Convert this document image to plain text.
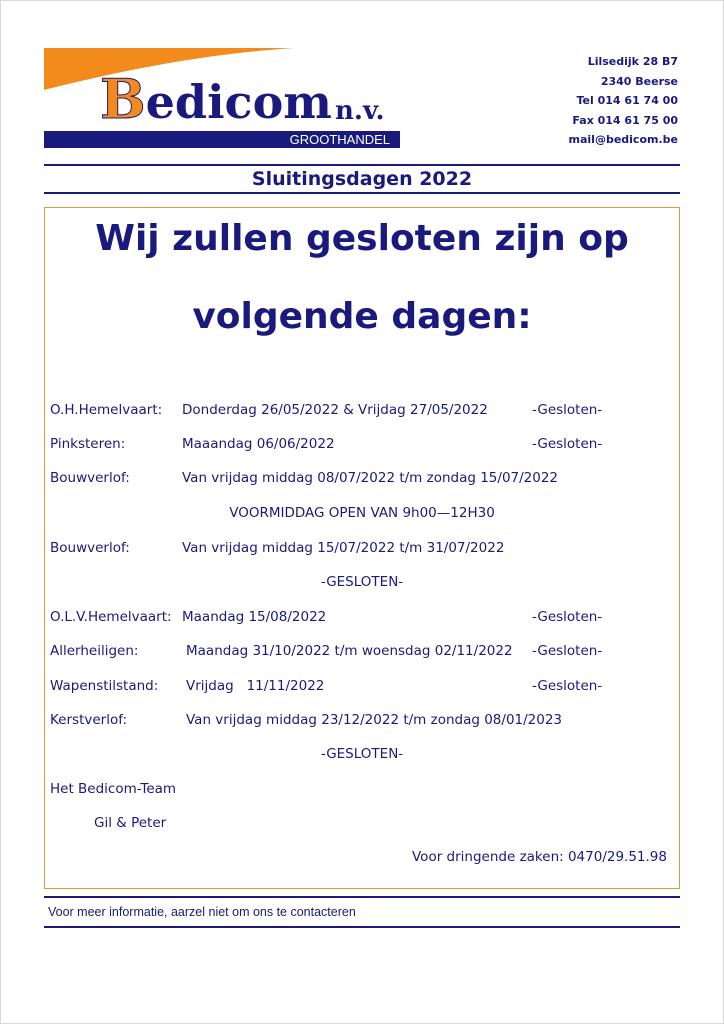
Bedicom n.v.
GROOTHANDEL
Lilsedijk 28 B7
2340 Beerse
Tel 014 61 74 00
Fax 014 61 75 00
mail@bedicom.be
Sluitingsdagen 2022
Wij zullen gesloten zijn op
volgende dagen:
O.H.Hemelvaart: Donderdag 26/05/2022 & Vrijdag 27/05/2022	-Gesloten-
Pinksteren:	Maaandag 06/06/2022	-Gesloten-
Bouwverlof:	Van vrijdag middag 08/07/2022 t/m zondag 15/07/2022
VOORMIDDAG OPEN VAN 9h00—12H30
Bouwverlof:	Van vrijdag middag 15/07/2022 t/m 31/07/2022
-GESLOTEN-
O.L.V.Hemelvaart: Maandag 15/08/2022	-Gesloten-
Allerheiligen:	Maandag 31/10/2022 t/m woensdag 02/11/2022 -Gesloten-
Wapenstilstand: Vrijdag   11/11/2022	-Gesloten-
Kerstverlof:	Van vrijdag middag 23/12/2022 t/m zondag 08/01/2023
-GESLOTEN-
Het Bedicom-Team
Gil & Peter
Voor dringende zaken: 0470/29.51.98
Voor meer informatie, aarzel niet om ons te contacteren
